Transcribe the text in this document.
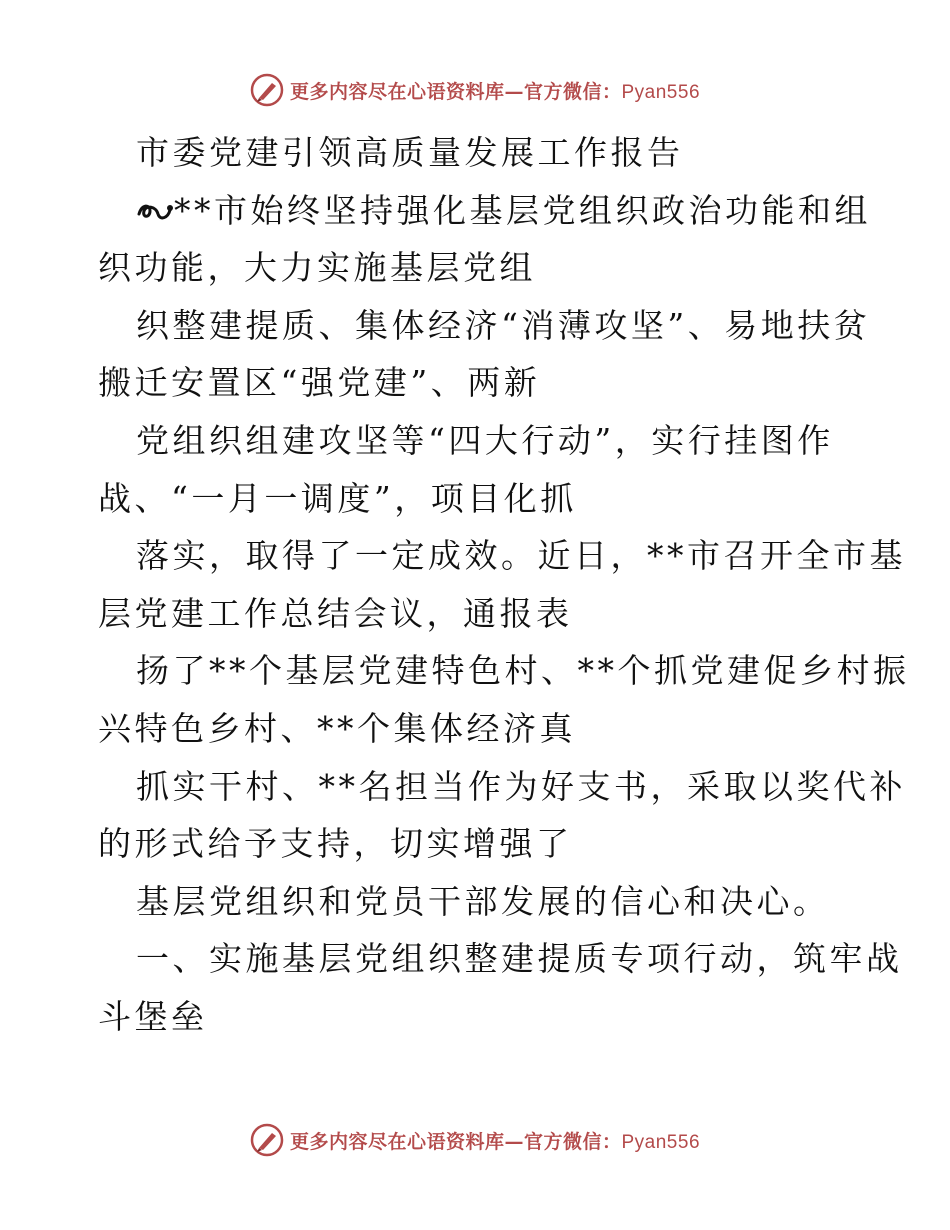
更多内容尽在心语资料库—官方微信：Pyan556
市委党建引领高质量发展工作报告
**市始终坚持强化基层党组织政治功能和组
织功能，大力实施基层党组
织整建提质、集体经济“消薄攻坚”、易地扶贫
搬迁安置区“强党建”、两新
党组织组建攻坚等“四大行动”，实行挂图作
战、“一月一调度”，项目化抓
落实，取得了一定成效。近日，**市召开全市基
层党建工作总结会议，通报表
扬了**个基层党建特色村、**个抓党建促乡村振
兴特色乡村、**个集体经济真
抓实干村、**名担当作为好支书，采取以奖代补
的形式给予支持，切实增强了
基层党组织和党员干部发展的信心和决心。
一、实施基层党组织整建提质专项行动，筑牢战
斗堡垒
更多内容尽在心语资料库—官方微信：Pyan556
